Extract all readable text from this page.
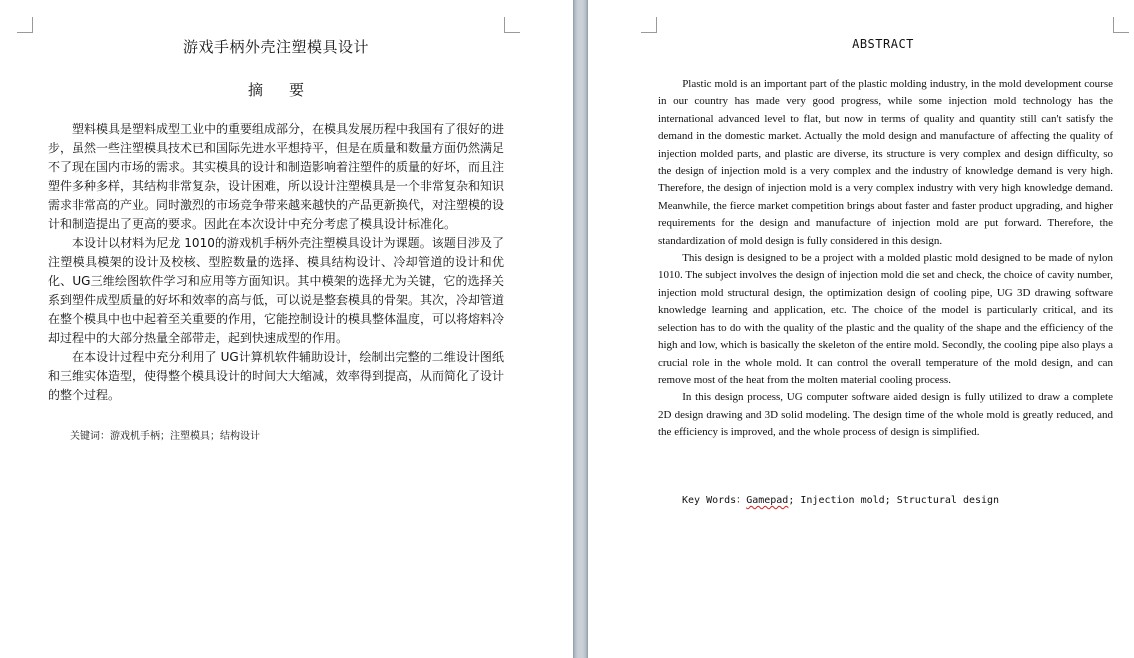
游戏手柄外壳注塑模具设计
摘要

塑料模具是塑料成型工业中的重要组成部分，在模具发展历程中我国有了很好的进步，虽然一些注塑模具技术已和国际先进水平想持平，但是在质量和数量方面仍然满足不了现在国内市场的需求。其实模具的设计和制造影响着注塑件的质量的好坏，而且注塑件多种多样，其结构非常复杂，设计困难，所以设计注塑模具是一个非常复杂和知识需求非常高的产业。同时激烈的市场竞争带来越来越快的产品更新换代，对注塑模的设计和制造提出了更高的要求。因此在本次设计中充分考虑了模具设计标准化。

本设计以材料为尼龙 1010的游戏机手柄外壳注塑模具设计为课题。该题目涉及了注塑模具模架的设计及校核、型腔数量的选择、模具结构设计、冷却管道的设计和优化、UG三维绘图软件学习和应用等方面知识。其中模架的选择尤为关键，它的选择关系到塑件成型质量的好坏和效率的高与低，可以说是整套模具的骨架。其次，冷却管道在整个模具中也中起着至关重要的作用，它能控制设计的模具整体温度，可以将熔料冷却过程中的大部分热量全部带走，起到快速成型的作用。

在本设计过程中充分利用了 UG计算机软件辅助设计，绘制出完整的二维设计图纸和三维实体造型，使得整个模具设计的时间大大缩减，效率得到提高，从而简化了设计的整个过程。

关键词：游戏机手柄；注塑模具；结构设计
ABSTRACT

Plastic mold is an important part of the plastic molding industry, in the mold development course in our country has made very good progress, while some injection mold technology has the international advanced level to flat, but now in terms of quality and quantity still can't satisfy the demand in the domestic market. Actually the mold design and manufacture of affecting the quality of injection molded parts, and plastic are diverse, its structure is very complex and design difficulty, so the design of injection mold is a very complex and the industry of knowledge demand is very high. Therefore, the design of injection mold is a very complex industry with very high knowledge demand. Meanwhile, the fierce market competition brings about faster and faster product upgrading, and higher requirements for the design and manufacture of injection mold are put forward. Therefore, the standardization of mold design is fully considered in this design.

This design is designed to be a project with a molded plastic mold designed to be made of nylon 1010. The subject involves the design of injection mold die set and check, the choice of cavity number, injection mold structural design, the optimization design of cooling pipe, UG 3D drawing software knowledge learning and application, etc. The choice of the model is particularly critical, and its selection has to do with the quality of the plastic and the quality of the shape and the efficiency of the high and low, which is basically the skeleton of the entire mold. Secondly, the cooling pipe also plays a crucial role in the whole mold. It can control the overall temperature of the mold design, and can remove most of the heat from the molten material cooling process.

In this design process, UG computer software aided design is fully utilized to draw a complete 2D design drawing and 3D solid modeling. The design time of the whole mold is greatly reduced, and the efficiency is improved, and the whole process of design is simplified.

Key Words：Gamepad; Injection mold; Structural design
